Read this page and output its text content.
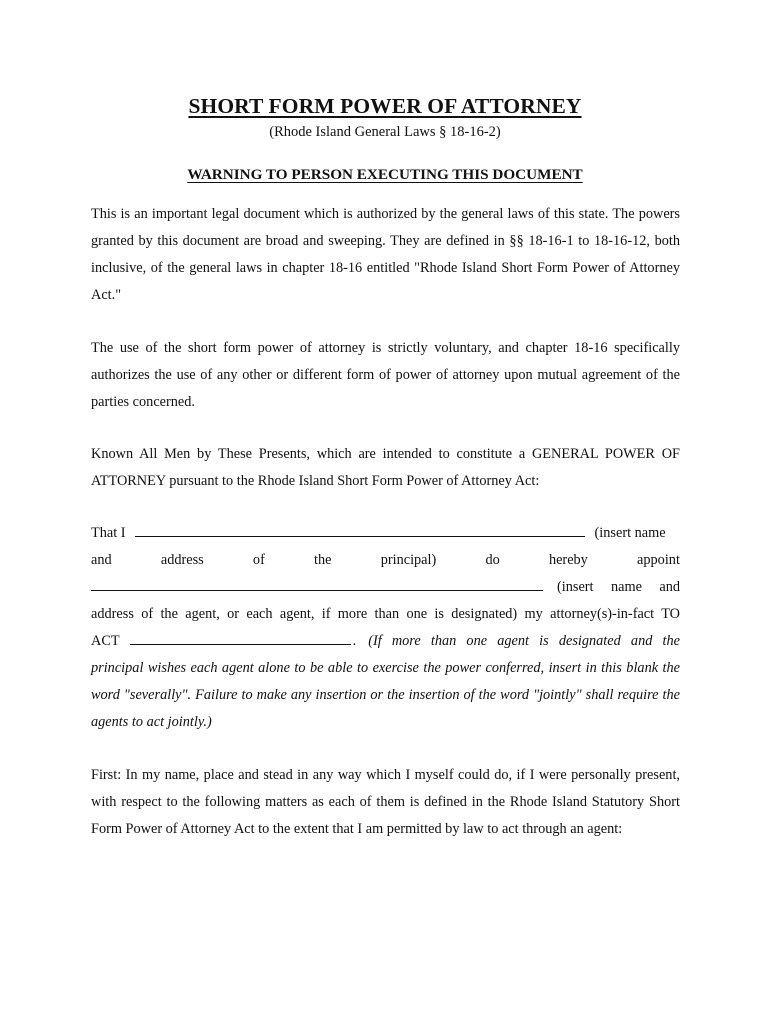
SHORT FORM POWER OF ATTORNEY
(Rhode Island General Laws § 18-16-2)
WARNING TO PERSON EXECUTING THIS DOCUMENT

This is an important legal document which is authorized by the general laws of this state. The powers granted by this document are broad and sweeping. They are defined in §§ 18-16-1 to 18-16-12, both inclusive, of the general laws in chapter 18-16 entitled "Rhode Island Short Form Power of Attorney Act."

The use of the short form power of attorney is strictly voluntary, and chapter 18-16 specifically authorizes the use of any other or different form of power of attorney upon mutual agreement of the parties concerned.

Known All Men by These Presents, which are intended to constitute a GENERAL POWER OF ATTORNEY pursuant to the Rhode Island Short Form Power of Attorney Act:

That I	(insert name
and	address	of	the	principal)	do	hereby	appoint
(insert name and
address of the agent, or each agent, if more than one is designated) my attorney(s)-in-fact TO
ACT	. (If more than one agent is designated and the

principal wishes each agent alone to be able to exercise the power conferred, insert in this blank the word "severally". Failure to make any insertion or the insertion of the word "jointly" shall require the agents to act jointly.)

First: In my name, place and stead in any way which I myself could do, if I were personally present, with respect to the following matters as each of them is defined in the Rhode Island Statutory Short Form Power of Attorney Act to the extent that I am permitted by law to act through an agent:
